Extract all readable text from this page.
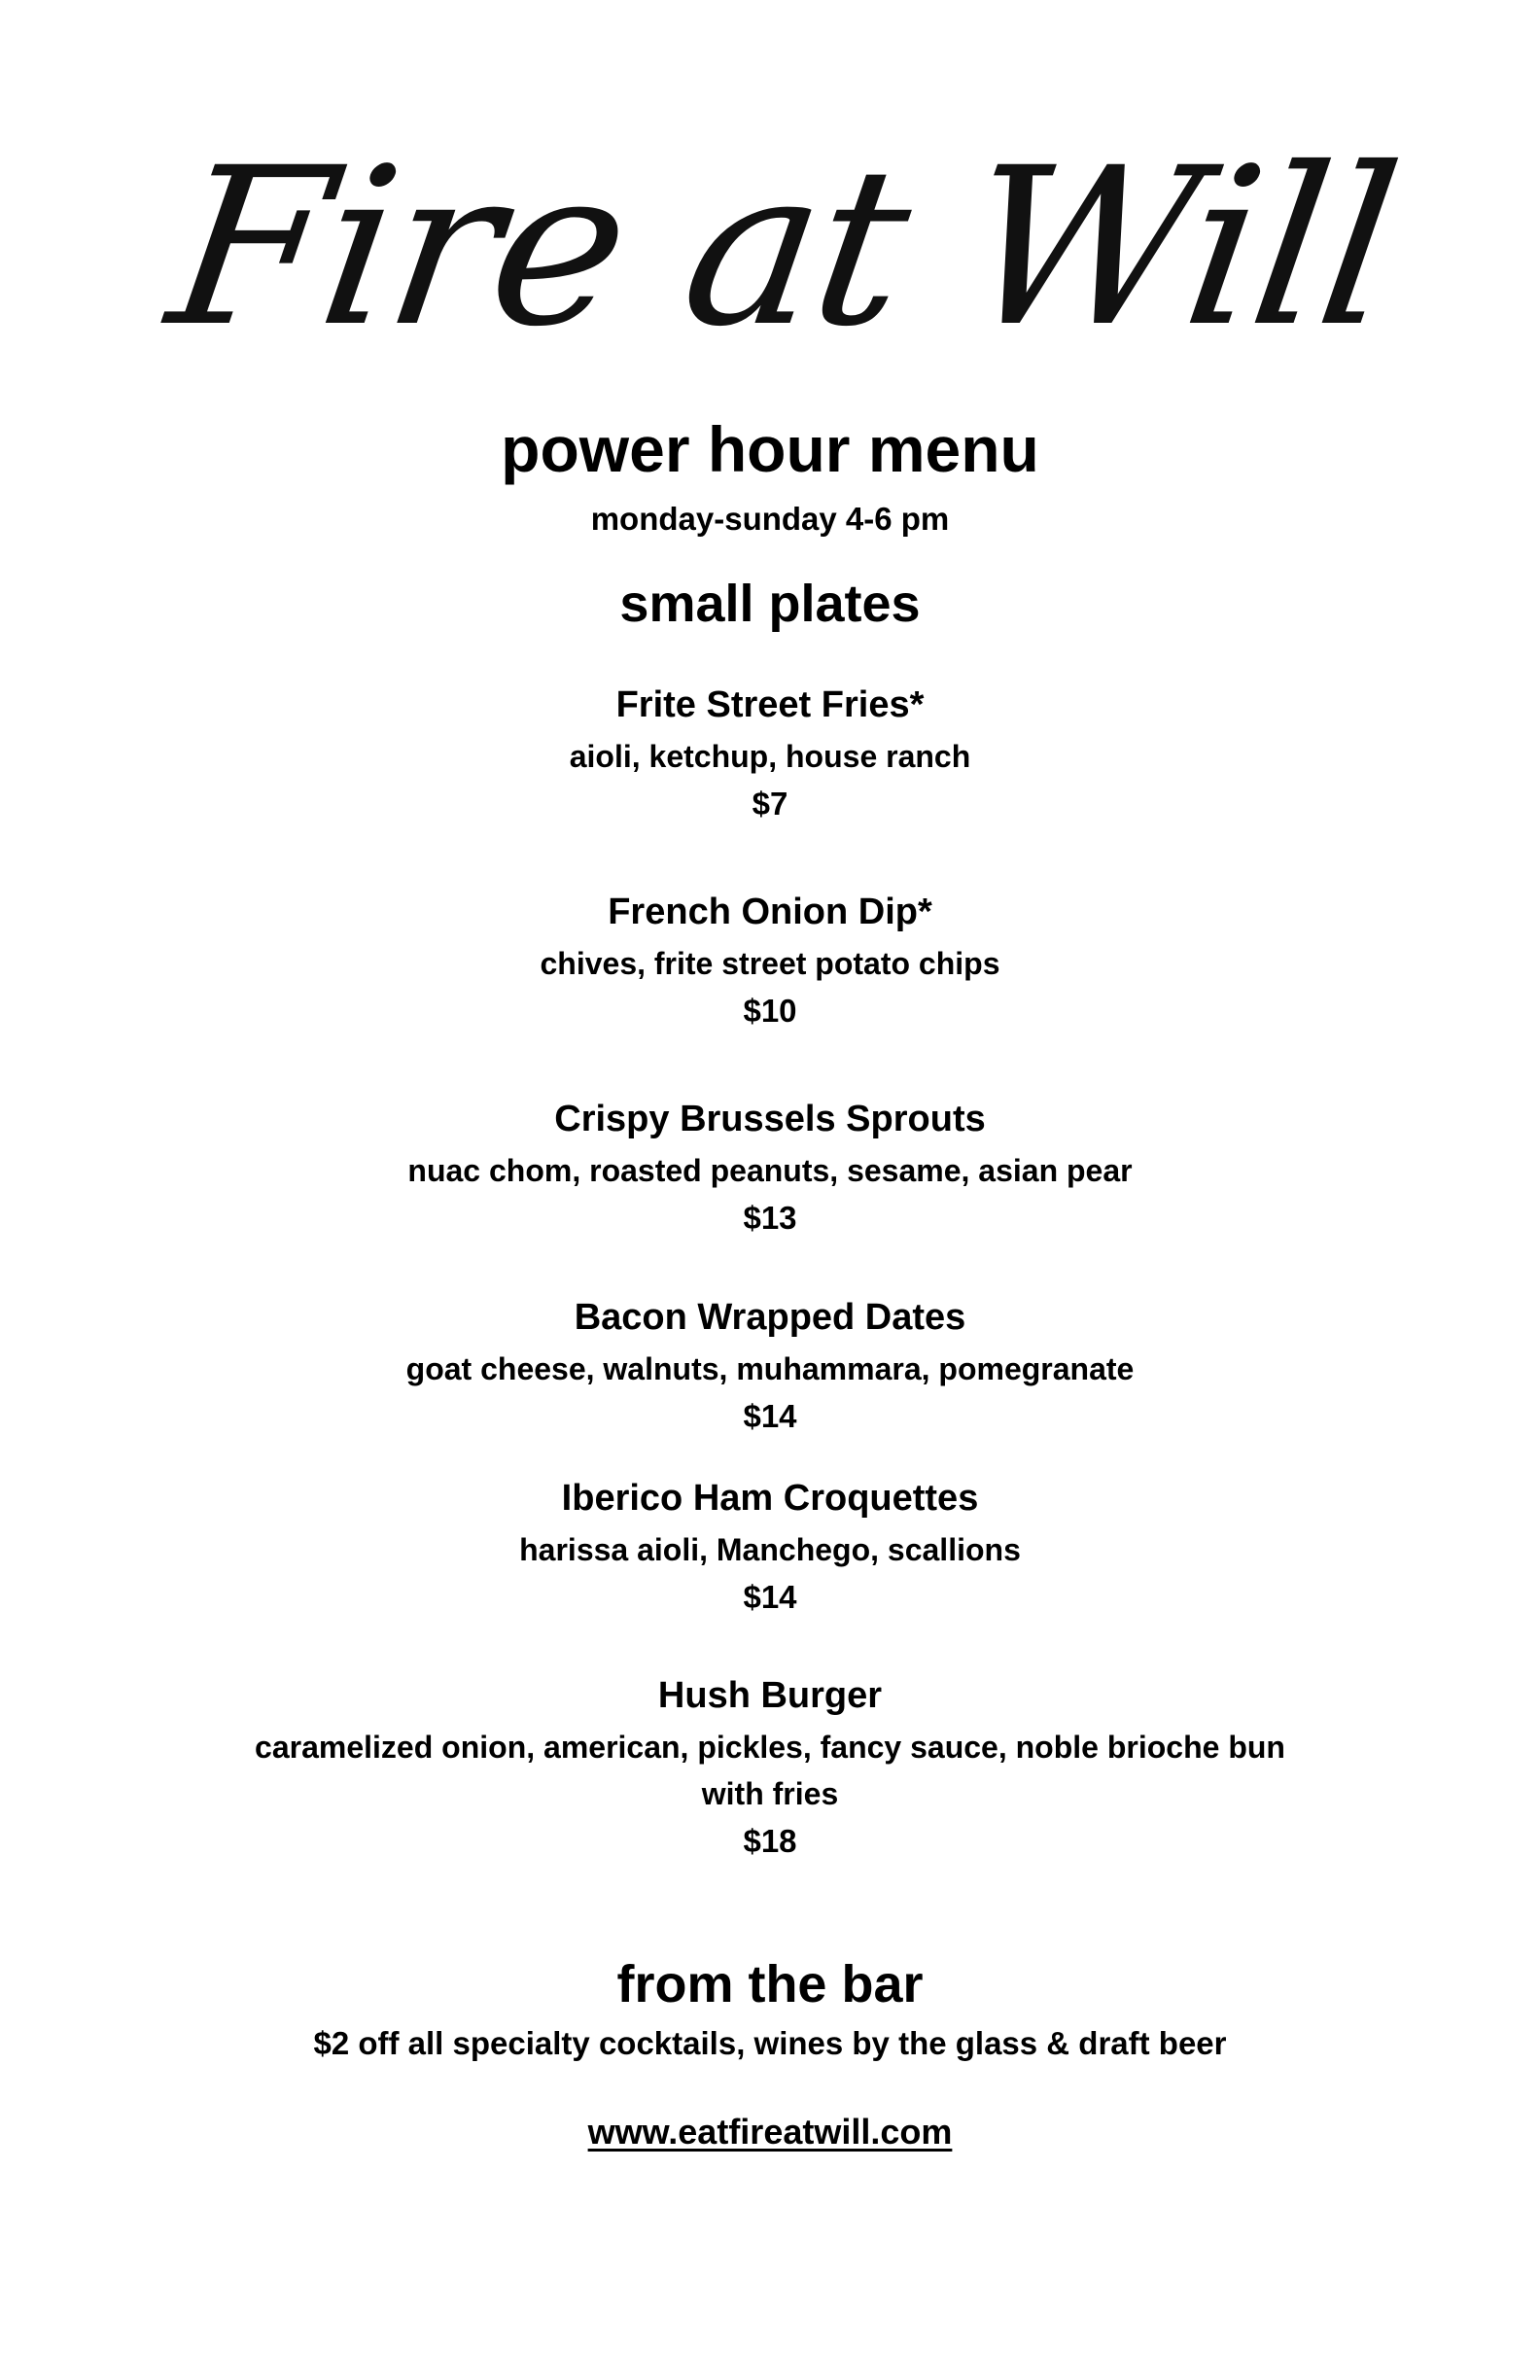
Fire at Will
power hour menu
monday-sunday 4-6 pm
small plates
Frite Street Fries*
aioli, ketchup, house ranch
$7
French Onion Dip*
chives, frite street potato chips
$10
Crispy Brussels Sprouts
nuac chom, roasted peanuts, sesame, asian pear
$13
Bacon Wrapped Dates
goat cheese, walnuts, muhammara, pomegranate
$14
Iberico Ham Croquettes
harissa aioli, Manchego, scallions
$14
Hush Burger
caramelized onion, american, pickles, fancy sauce, noble brioche bun
with fries
$18
from the bar
$2 off all specialty cocktails, wines by the glass & draft beer
www.eatfireatwill.com
